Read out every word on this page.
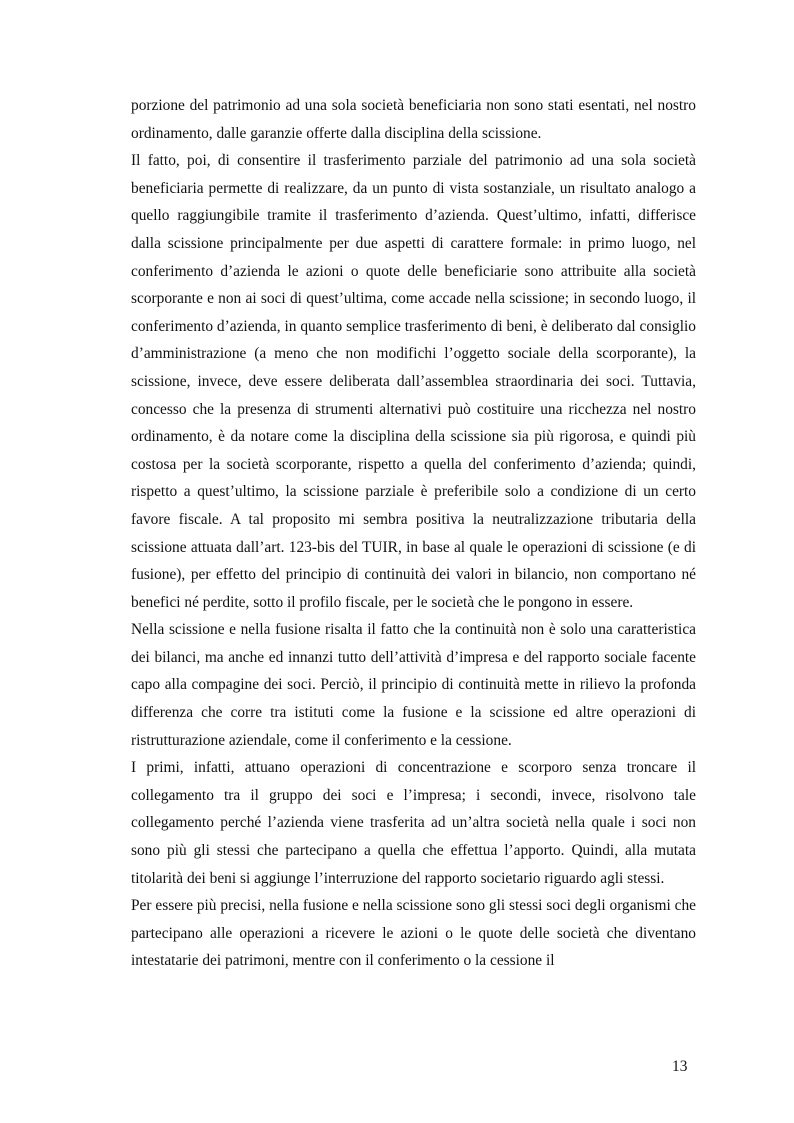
porzione del patrimonio ad una sola società beneficiaria non sono stati esentati, nel nostro ordinamento, dalle garanzie offerte dalla disciplina della scissione.

Il fatto, poi, di consentire il trasferimento parziale del patrimonio ad una sola società beneficiaria permette di realizzare, da un punto di vista sostanziale, un risultato analogo a quello raggiungibile tramite il trasferimento d’azienda. Quest’ultimo, infatti, differisce dalla scissione principalmente per due aspetti di carattere formale: in primo luogo, nel conferimento d’azienda le azioni o quote delle beneficiarie sono attribuite alla società scorporante e non ai soci di quest’ultima, come accade nella scissione; in secondo luogo, il conferimento d’azienda, in quanto semplice trasferimento di beni, è deliberato dal consiglio d’amministrazione (a meno che non modifichi l’oggetto sociale della scorporante), la scissione, invece, deve essere deliberata dall’assemblea straordinaria dei soci. Tuttavia, concesso che la presenza di strumenti alternativi può costituire una ricchezza nel nostro ordinamento, è da notare come la disciplina della scissione sia più rigorosa, e quindi più costosa per la società scorporante, rispetto a quella del conferimento d’azienda; quindi, rispetto a quest’ultimo, la scissione parziale è preferibile solo a condizione di un certo favore fiscale. A tal proposito mi sembra positiva la neutralizzazione tributaria della scissione attuata dall’art. 123-bis del TUIR, in base al quale le operazioni di scissione (e di fusione), per effetto del principio di continuità dei valori in bilancio, non comportano né benefici né perdite, sotto il profilo fiscale, per le società che le pongono in essere.

Nella scissione e nella fusione risalta il fatto che la continuità non è solo una caratteristica dei bilanci, ma anche ed innanzi tutto dell’attività d’impresa e del rapporto sociale facente capo alla compagine dei soci. Perciò, il principio di continuità mette in rilievo la profonda differenza che corre tra istituti come la fusione e la scissione ed altre operazioni di ristrutturazione aziendale, come il conferimento e la cessione.

I primi, infatti, attuano operazioni di concentrazione e scorporo senza troncare il collegamento tra il gruppo dei soci e l’impresa; i secondi, invece, risolvono tale collegamento perché l’azienda viene trasferita ad un’altra società nella quale i soci non sono più gli stessi che partecipano a quella che effettua l’apporto. Quindi, alla mutata titolarità dei beni si aggiunge l’interruzione del rapporto societario riguardo agli stessi.

Per essere più precisi, nella fusione e nella scissione sono gli stessi soci degli organismi che partecipano alle operazioni a ricevere le azioni o le quote delle società che diventano intestatarie dei patrimoni, mentre con il conferimento o la cessione il

13
